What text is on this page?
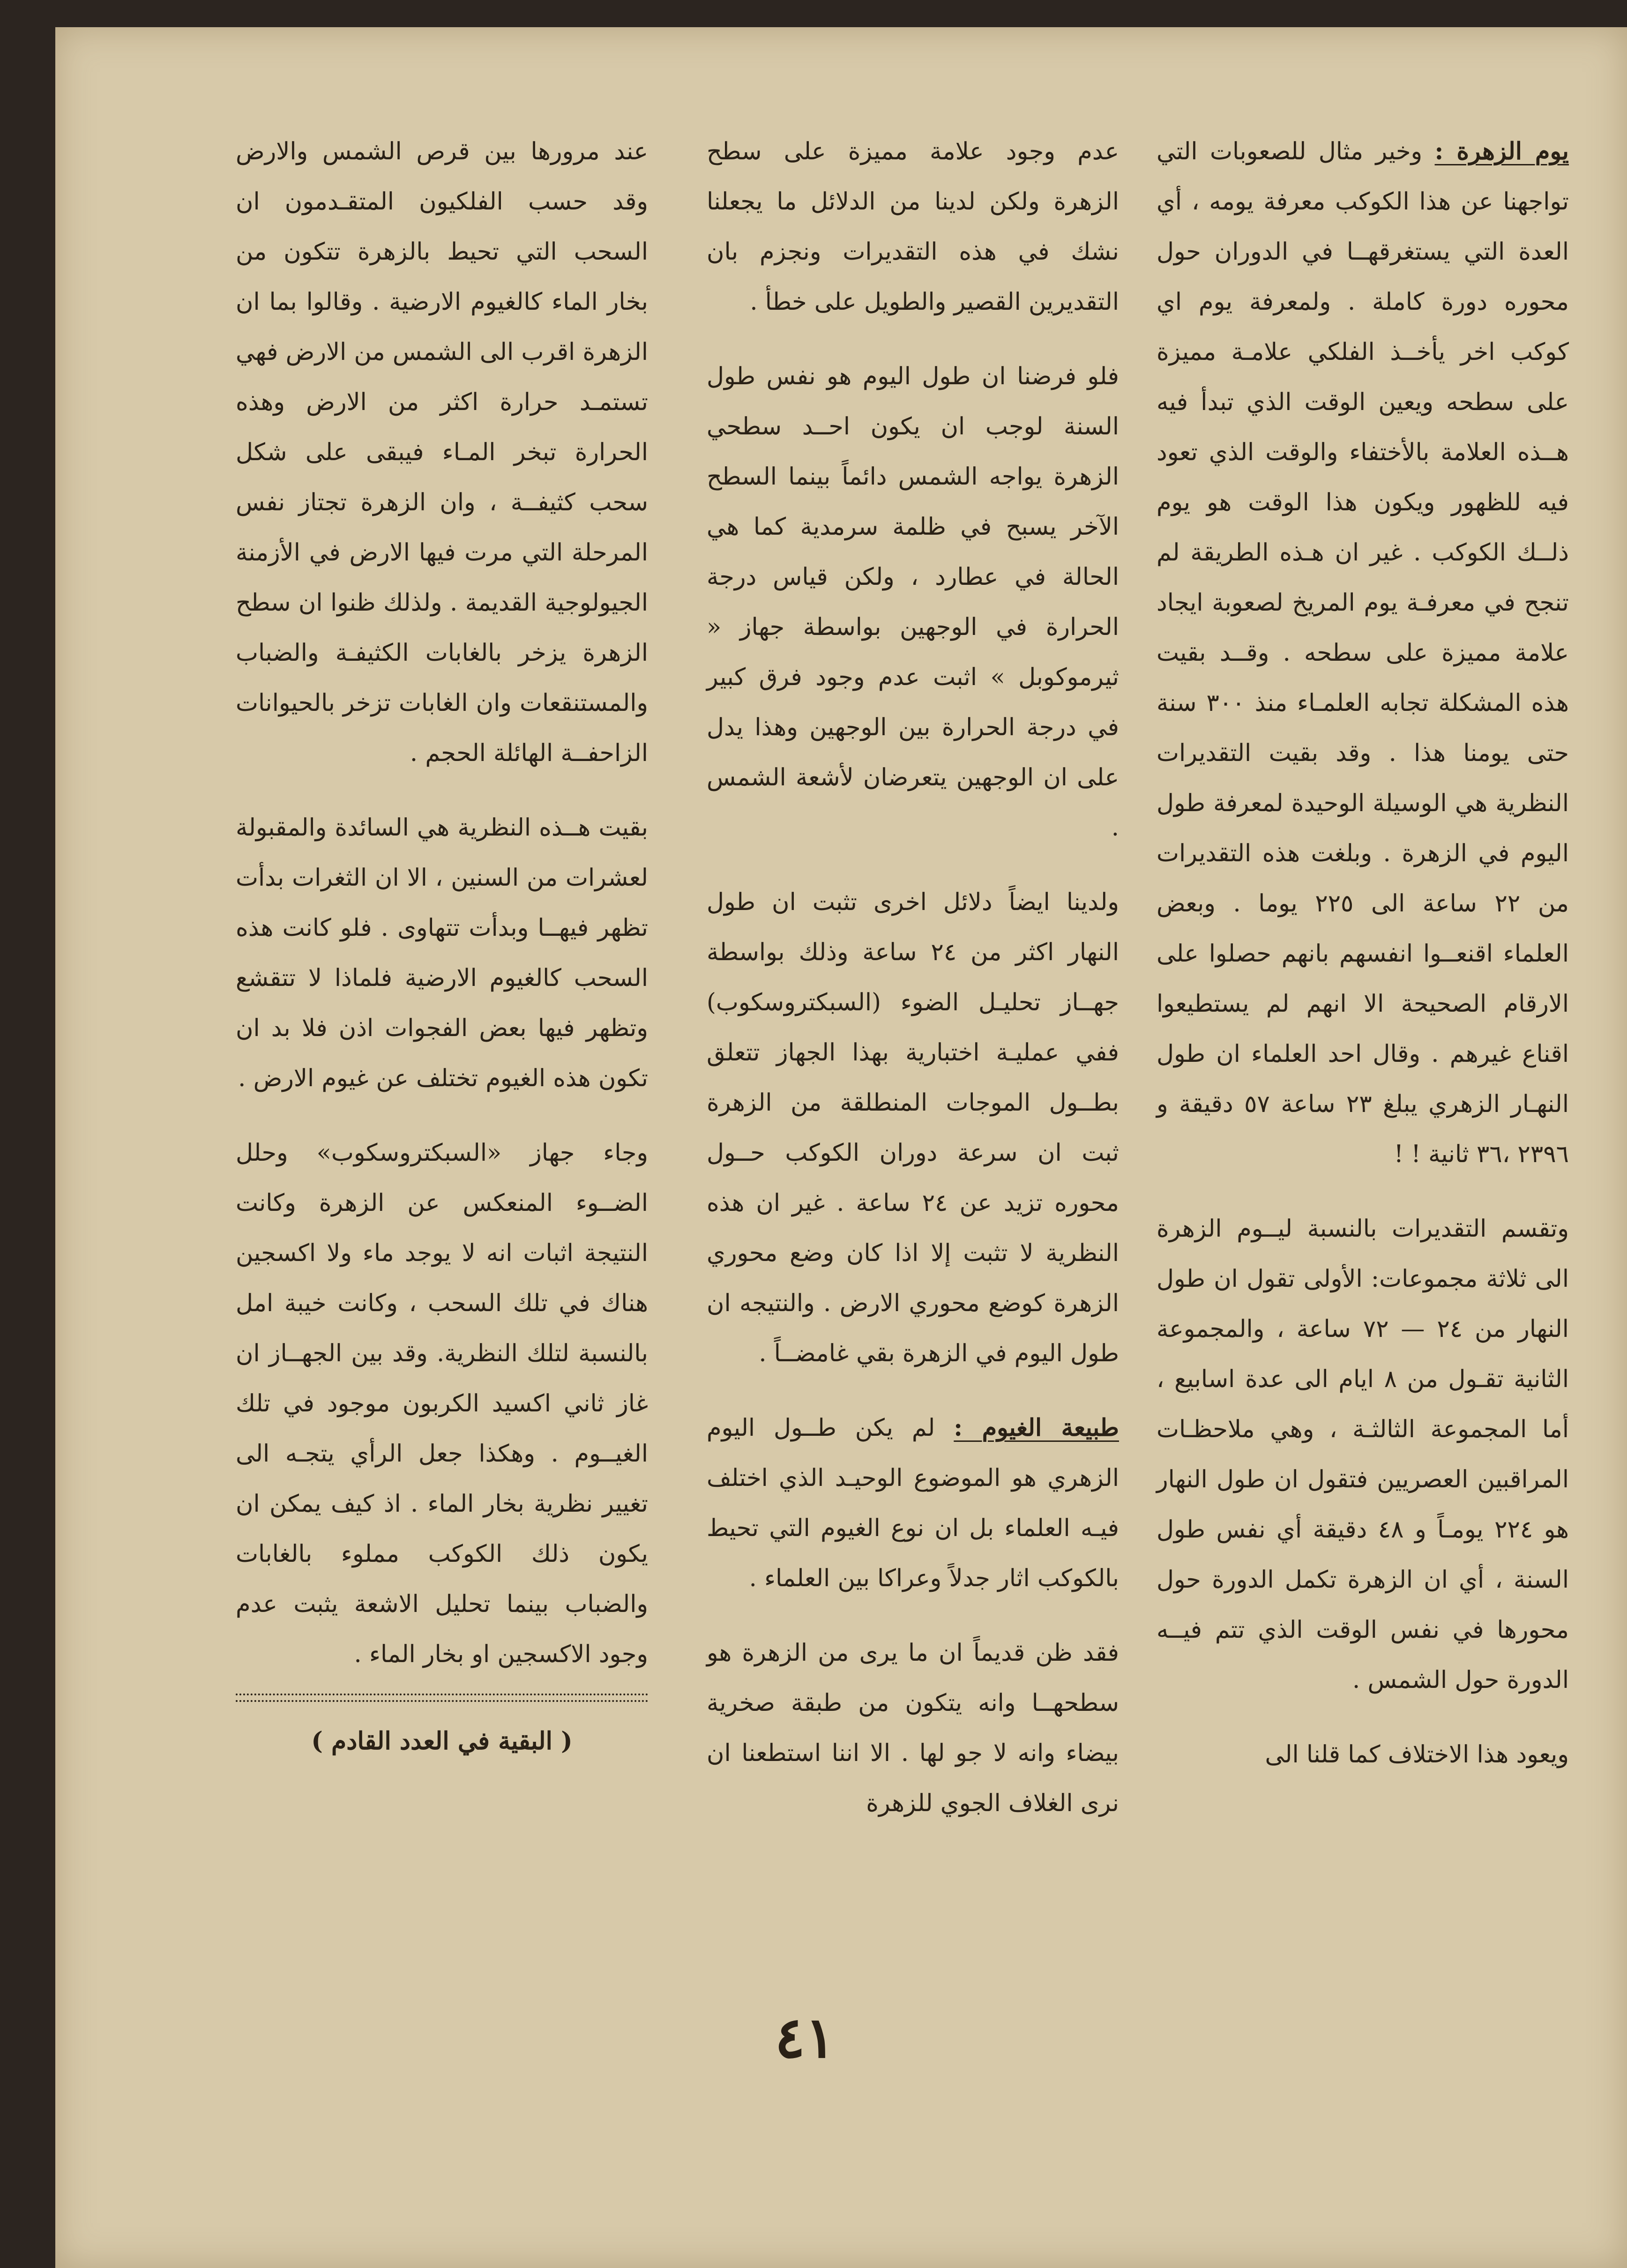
يوم الزهرة : وخير مثال للصعوبات التي تواجهنا عن هذا الكوكب معرفة يومه ، أي العدة التي يستغرقهــا في الدوران حول محوره دورة كاملة . ولمعرفة يوم اي كوكب اخر يأخــذ الفلكي علامـة مميزة على سطحه ويعين الوقت الذي تبدأ فيه هــذه العلامة بالأختفاء والوقت الذي تعود فيه للظهور ويكون هذا الوقت هو يوم ذلــك الكوكب . غير ان هـذه الطريقة لم تنجح في معرفـة يوم المريخ لصعوبة ايجاد علامة مميزة على سطحه . وقــد بقيت هذه المشكلة تجابه العلمـاء منذ ٣٠٠ سنة حتى يومنا هذا . وقد بقيت التقديرات النظرية هي الوسيلة الوحيدة لمعرفة طول اليوم في الزهرة . وبلغت هذه التقديرات من ٢٢ ساعة الى ٢٢٥ يوما . وبعض العلماء اقنعــوا انفسهم بانهم حصلوا على الارقام الصحيحة الا انهم لم يستطيعوا اقناع غيرهم . وقال احد العلماء ان طول النهـار الزهري يبلغ ٢٣ ساعة ٥٧ دقيقة و ٢٣٩٦ ،٣٦ ثانية ! !

وتقسم التقديرات بالنسبة ليــوم الزهرة الى ثلاثة مجموعات: الأولى تقول ان طول النهار من ٢٤ — ٧٢ ساعة ، والمجموعة الثانية تقـول من ٨ ايام الى عدة اسابيع ، أما المجموعة الثالثـة ، وهي ملاحظـات المراقبين العصريين فتقول ان طول النهار هو ٢٢٤ يومـاً و ٤٨ دقيقة أي نفس طول السنة ، أي ان الزهرة تكمل الدورة حول محورها في نفس الوقت الذي تتم فيــه الدورة حول الشمس .

ويعود هذا الاختلاف كما قلنا الى

عدم وجود علامة مميزة على سطح الزهرة ولكن لدينا من الدلائل ما يجعلنا نشك في هذه التقديرات ونجزم بان التقديرين القصير والطويل على خطأ .

فلو فرضنا ان طول اليوم هو نفس طول السنة لوجب ان يكون احــد سطحي الزهرة يواجه الشمس دائماً بينما السطح الآخر يسبح في ظلمة سرمدية كما هي الحالة في عطارد ، ولكن قياس درجة الحرارة في الوجهين بواسطة جهاز « ثيرموكوبل » اثبت عدم وجود فرق كبير في درجة الحرارة بين الوجهين وهذا يدل على ان الوجهين يتعرضان لأشعة الشمس .

ولدينا ايضاً دلائل اخرى تثبت ان طول النهار اكثر من ٢٤ ساعة وذلك بواسطة جهــاز تحليـل الضوء (السبكتروسكوب) ففي عمليـة اختبارية بهذا الجهاز تتعلق بطــول الموجات المنطلقة من الزهرة ثبت ان سرعة دوران الكوكب حــول محوره تزيد عن ٢٤ ساعة . غير ان هذه النظرية لا تثبت إلا اذا كان وضع محوري الزهرة كوضع محوري الارض . والنتيجه ان طول اليوم في الزهرة بقي غامضــاً .

طبيعة الغيوم : لم يكن طــول اليوم الزهري هو الموضوع الوحيـد الذي اختلف فيـه العلماء بل ان نوع الغيوم التي تحيط بالكوكب اثار جدلاً وعراكا بين العلماء .

فقد ظن قديماً ان ما يرى من الزهرة هو سطحهــا وانه يتكون من طبقة صخرية بيضاء وانه لا جو لها . الا اننا استطعنا ان نرى الغلاف الجوي للزهرة

عند مرورها بين قرص الشمس والارض وقد حسب الفلكيون المتقـدمون ان السحب التي تحيط بالزهرة تتكون من بخار الماء كالغيوم الارضية . وقالوا بما ان الزهرة اقرب الى الشمس من الارض فهي تستمـد حرارة اكثر من الارض وهذه الحرارة تبخر المـاء فيبقى على شكل سحب كثيفــة ، وان الزهرة تجتاز نفس المرحلة التي مرت فيها الارض في الأزمنة الجيولوجية القديمة . ولذلك ظنوا ان سطح الزهرة يزخر بالغابات الكثيفـة والضباب والمستنقعات وان الغابات تزخر بالحيوانات الزاحفــة الهائلة الحجم .

بقيت هــذه النظرية هي السائدة والمقبولة لعشرات من السنين ، الا ان الثغرات بدأت تظهر فيهــا وبدأت تتهاوى . فلو كانت هذه السحب كالغيوم الارضية فلماذا لا تتقشع وتظهر فيها بعض الفجوات اذن فلا بد ان تكون هذه الغيوم تختلف عن غيوم الارض .

وجاء جهاز «السبكتروسكوب» وحلل الضــوء المنعكس عن الزهرة وكانت النتيجة اثبات انه لا يوجد ماء ولا اكسجين هناك في تلك السحب ، وكانت خيبة امل بالنسبة لتلك النظرية. وقد بين الجهــاز ان غاز ثاني اكسيد الكربون موجود في تلك الغيــوم . وهكذا جعل الرأي يتجـه الى تغيير نظرية بخار الماء . اذ كيف يمكن ان يكون ذلك الكوكب مملوء بالغابات والضباب بينما تحليل الاشعة يثبت عدم وجود الاكسجين او بخار الماء .

( البقية في العدد القادم )
٤١
